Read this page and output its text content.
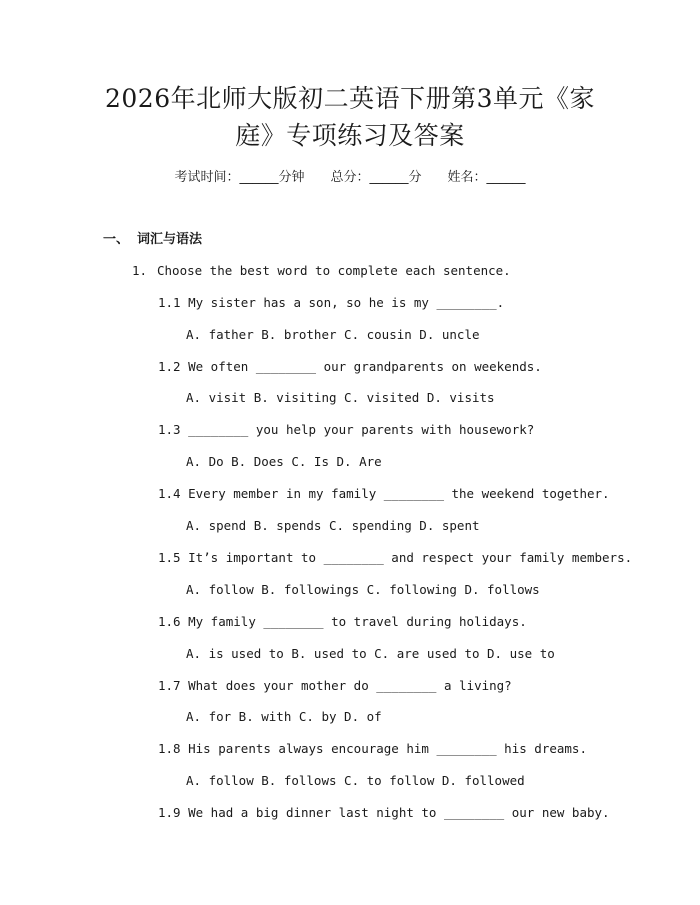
2026年北师大版初二英语下册第3单元《家
庭》专项练习及答案
考试时间：______分钟 总分：______分 姓名：______
一、 词汇与语法
1. Choose the best word to complete each sentence.
1.1 My sister has a son, so he is my ________.
A. father B. brother C. cousin D. uncle
1.2 We often ________ our grandparents on weekends.
A. visit B. visiting C. visited D. visits
1.3 ________ you help your parents with housework?
A. Do B. Does C. Is D. Are
1.4 Every member in my family ________ the weekend together.
A. spend B. spends C. spending D. spent
1.5 It’s important to ________ and respect your family members.
A. follow B. followings C. following D. follows
1.6 My family ________ to travel during holidays.
A. is used to B. used to C. are used to D. use to
1.7 What does your mother do ________ a living?
A. for B. with C. by D. of
1.8 His parents always encourage him ________ his dreams.
A. follow B. follows C. to follow D. followed
1.9 We had a big dinner last night to ________ our new baby.
